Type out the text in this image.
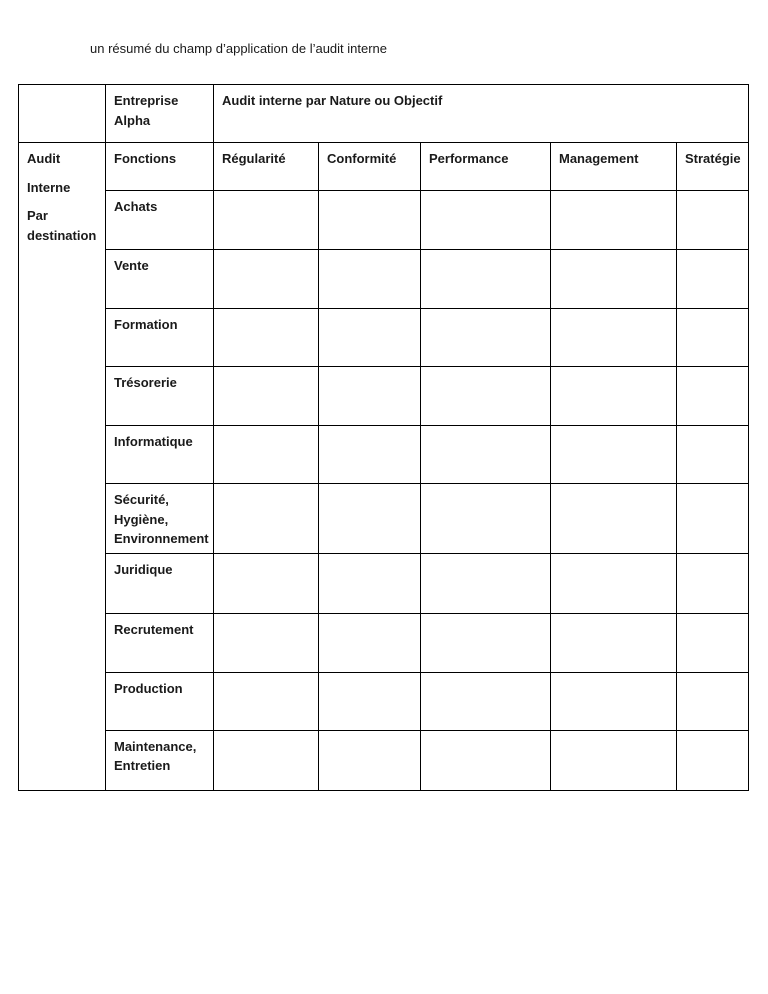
un résumé du champ d’application de l’audit interne

	Entreprise Alpha	Audit interne par Nature ou Objectif				

Audit

Interne

Par destination	Fonctions	Régularité	Conformité	Performance	Management	Stratégie
	Achats					
	Vente					
	Formation					
	Trésorerie					
	Informatique					
	Sécurité, Hygiène, Environnement					
	Juridique					
	Recrutement					
	Production					
	Maintenance, Entretien					
